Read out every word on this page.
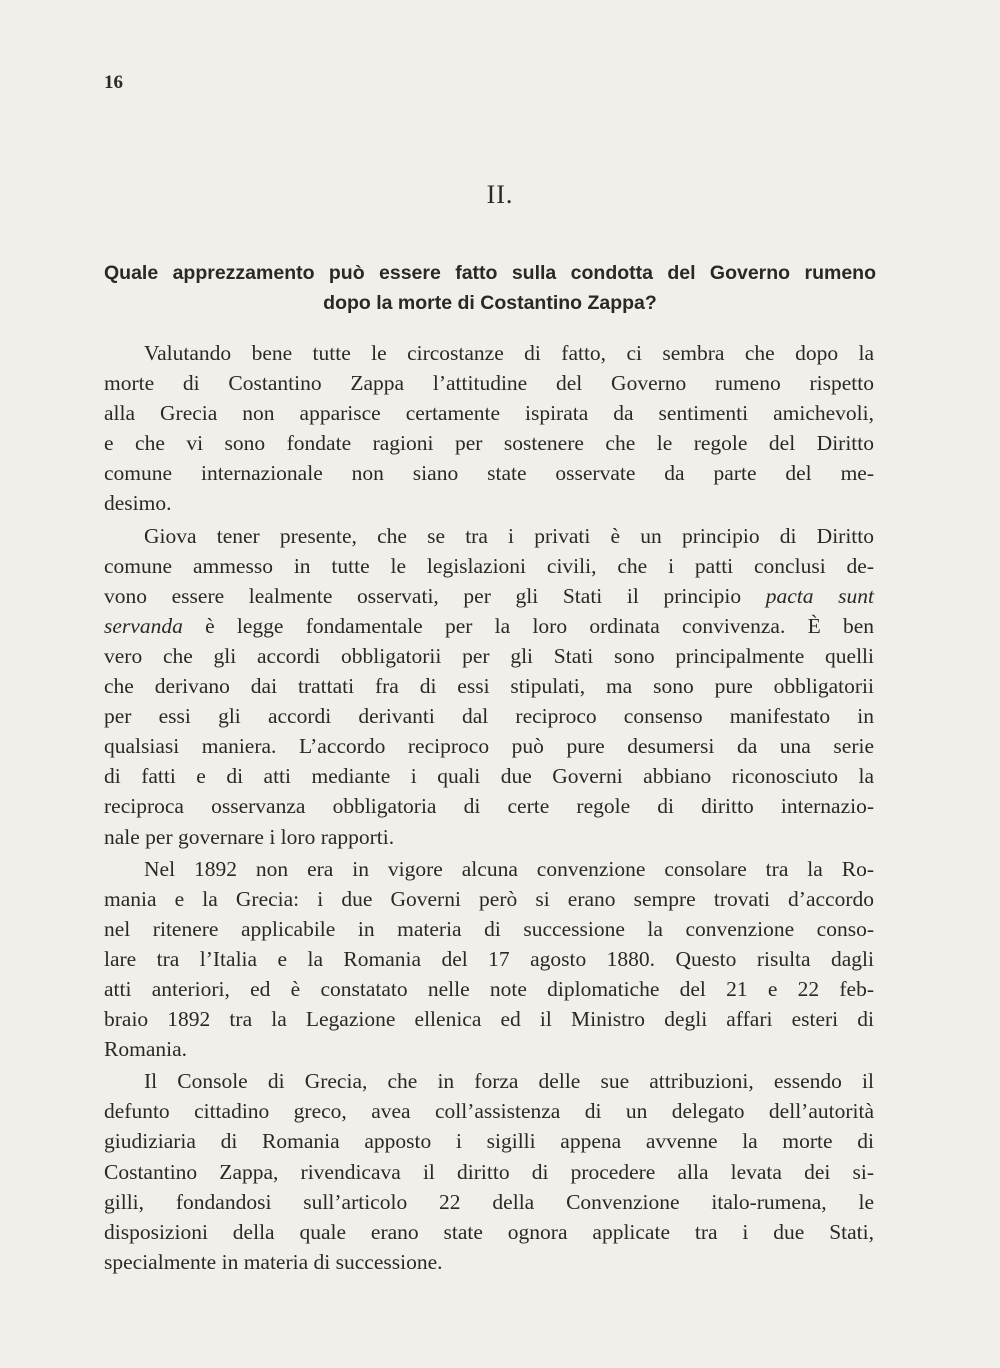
16
II.
Quale apprezzamento può essere fatto sulla condotta del Governo rumeno
dopo la morte di Costantino Zappa?

Valutando bene tutte le circostanze di fatto, ci sembra che dopo la
morte di Costantino Zappa l’attitudine del Governo rumeno rispetto
alla Grecia non apparisce certamente ispirata da sentimenti amichevoli,
e che vi sono fondate ragioni per sostenere che le regole del Diritto
comune internazionale non siano state osservate da parte del me-
desimo.

Giova tener presente, che se tra i privati è un principio di Diritto
comune ammesso in tutte le legislazioni civili, che i patti conclusi de-
vono essere lealmente osservati, per gli Stati il principio pacta sunt
servanda è legge fondamentale per la loro ordinata convivenza. È ben
vero che gli accordi obbligatorii per gli Stati sono principalmente quelli
che derivano dai trattati fra di essi stipulati, ma sono pure obbligatorii
per essi gli accordi derivanti dal reciproco consenso manifestato in
qualsiasi maniera. L’accordo reciproco può pure desumersi da una serie
di fatti e di atti mediante i quali due Governi abbiano riconosciuto la
reciproca osservanza obbligatoria di certe regole di diritto internazio-
nale per governare i loro rapporti.

Nel 1892 non era in vigore alcuna convenzione consolare tra la Ro-
mania e la Grecia: i due Governi però si erano sempre trovati d’accordo
nel ritenere applicabile in materia di successione la convenzione conso-
lare tra l’Italia e la Romania del 17 agosto 1880. Questo risulta dagli
atti anteriori, ed è constatato nelle note diplomatiche del 21 e 22 feb-
braio 1892 tra la Legazione ellenica ed il Ministro degli affari esteri di
Romania.

Il Console di Grecia, che in forza delle sue attribuzioni, essendo il
defunto cittadino greco, avea coll’assistenza di un delegato dell’autorità
giudiziaria di Romania apposto i sigilli appena avvenne la morte di
Costantino Zappa, rivendicava il diritto di procedere alla levata dei si-
gilli, fondandosi sull’articolo 22 della Convenzione italo-rumena, le
disposizioni della quale erano state ognora applicate tra i due Stati,
specialmente in materia di successione.
